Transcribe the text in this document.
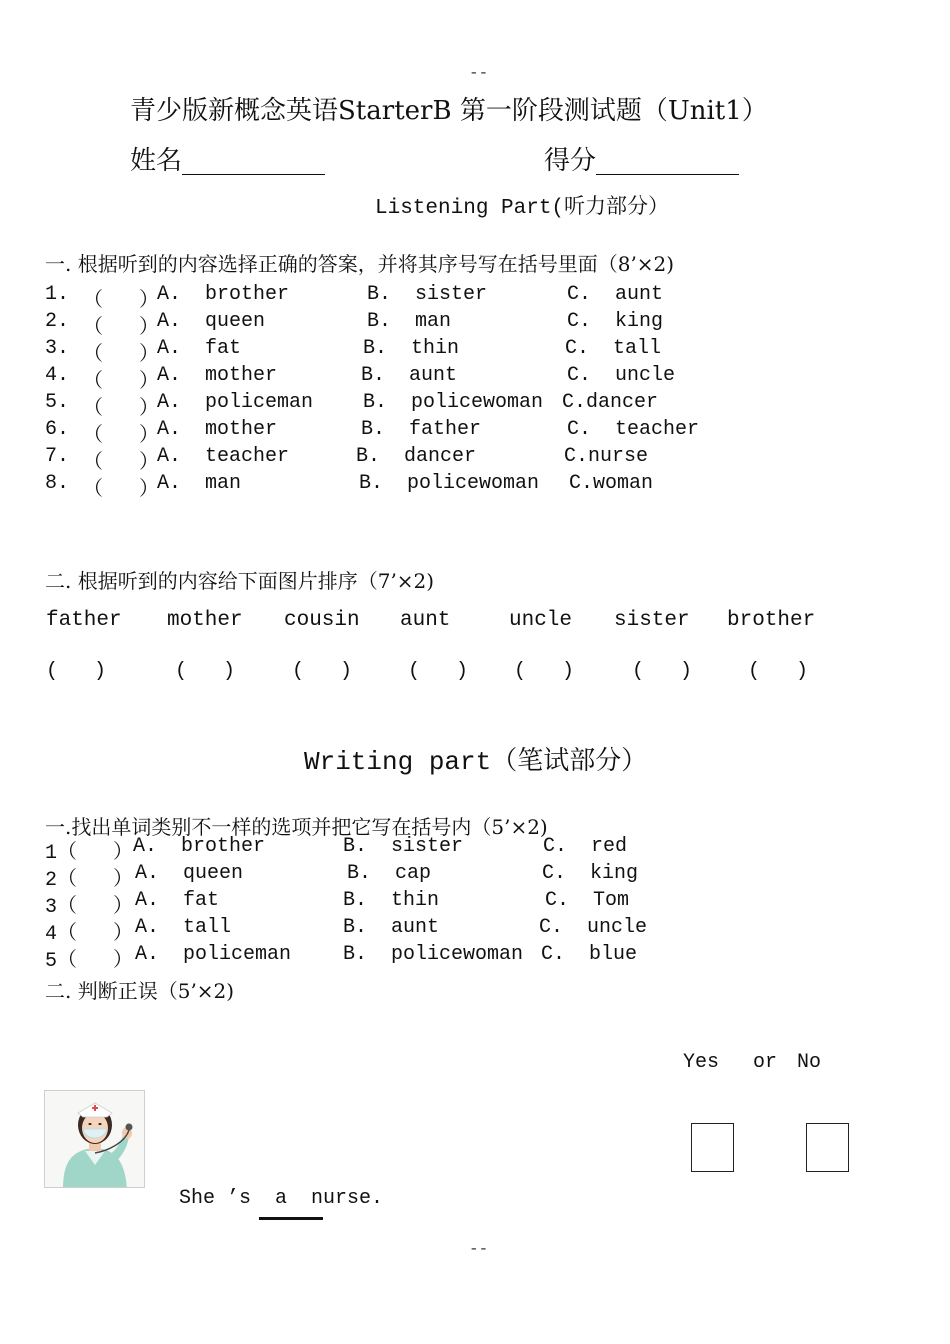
--
--
青少版新概念英语StarterB 第一阶段测试题（Unit1）
姓名___________	得分___________
Listening Part(听力部分）
一. 根据听到的内容选择正确的答案，并将其序号写在括号里面（8’×2)
1. （   ）
A.  brother	B.  sister	C.  aunt
2. （   ）
A.  queen	B.  man	C.  king
3. （   ）
A.  fat	B.  thin	C.  tall
4. （   ）
A.  mother	B.  aunt	C.  uncle
5. （   ）
A.  policeman B.  policewoman C.dancer
6. （   ）
A.  mother	B.  father	C.  teacher
7. （   ）
A.  teacher	B.  dancer	C.nurse
8. （   ）
A.  man	B.  policewoman C.woman
二. 根据听到的内容给下面图片排序（7’×2)
father mother cousin aunt	uncle sister brother
(   )	(   )	(   )	(   ) (   )	(   )	(   )
Writing part（笔试部分）
一.找出单词类别不一样的选项并把它写在括号内（5’×2)
1（   ） A.  brother	B.  sister	C.  red
2（   ） A.  queen	B.  cap	C.  king
3（   ） A.  fat	B.  thin	C.  Tom
4（   ） A.  tall	B.  aunt	C.  uncle
5（   ） A.  policeman	B.  policewoman C.  blue
二. 判断正误（5’×2)
Yes or No
She ’s  a  nurse.
